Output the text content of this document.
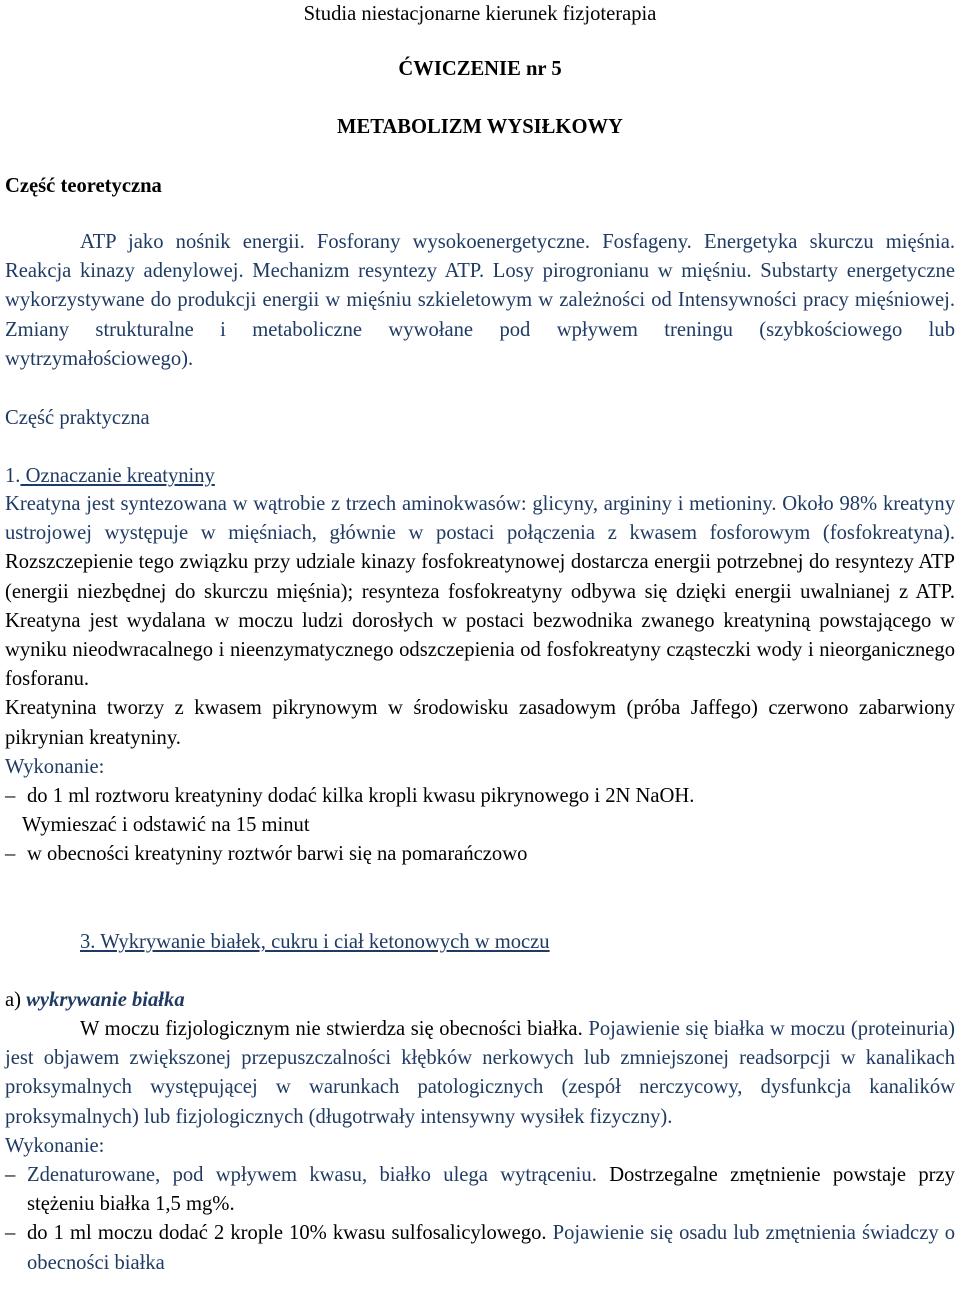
Studia niestacjonarne kierunek fizjoterapia
ĆWICZENIE nr 5
METABOLIZM WYSIŁKOWY
Część teoretyczna

ATP jako nośnik energii. Fosforany wysokoenergetyczne. Fosfageny. Energetyka skurczu mięśnia. Reakcja kinazy adenylowej. Mechanizm resyntezy ATP. Losy pirogronianu w mięśniu. Substarty energetyczne wykorzystywane do produkcji energii w mięśniu szkieletowym w zależności od Intensywności pracy mięśniowej. Zmiany strukturalne i metaboliczne wywołane pod wpływem treningu (szybkościowego lub wytrzymałościowego).

Część praktyczna
1. Oznaczanie kreatyniny

Kreatyna jest syntezowana w wątrobie z trzech aminokwasów: glicyny, argininy i metioniny. Około 98% kreatyny ustrojowej występuje w mięśniach, głównie w postaci połączenia z kwasem fosforowym (fosfokreatyna). Rozszczepienie tego związku przy udziale kinazy fosfokreatynowej dostarcza energii potrzebnej do resyntezy ATP (energii niezbędnej do skurczu mięśnia); resynteza fosfokreatyny odbywa się dzięki energii uwalnianej z ATP. Kreatyna jest wydalana w moczu ludzi dorosłych w postaci bezwodnika zwanego kreatyniną powstającego w wyniku nieodwracalnego i nieenzymatycznego odszczepienia od fosfokreatyny cząsteczki wody i nieorganicznego fosforanu.

Kreatynina tworzy z kwasem pikrynowym w środowisku zasadowym (próba Jaffego) czerwono zabarwiony pikrynian kreatyniny.

Wykonanie:

– do 1 ml roztworu kreatyniny dodać kilka kropli kwasu pikrynowego i 2N NaOH.

Wymieszać i odstawić na 15 minut

– w obecności kreatyniny roztwór barwi się na pomarańczowo
3. Wykrywanie białek, cukru i ciał ketonowych w moczu
a) wykrywanie białka

W moczu fizjologicznym nie stwierdza się obecności białka. Pojawienie się białka w moczu (proteinuria) jest objawem zwiększonej przepuszczalności kłębków nerkowych lub zmniejszonej readsorpcji w kanalikach proksymalnych występującej w warunkach patologicznych (zespół nerczycowy, dysfunkcja kanalików proksymalnych) lub fizjologicznych (długotrwały intensywny wysiłek fizyczny).

Wykonanie:

– Zdenaturowane, pod wpływem kwasu, białko ulega wytrąceniu. Dostrzegalne zmętnienie powstaje przy stężeniu białka 1,5 mg%.
– do 1 ml moczu dodać 2 krople 10% kwasu sulfosalicylowego. Pojawienie się osadu lub zmętnienia świadczy o obecności białka
